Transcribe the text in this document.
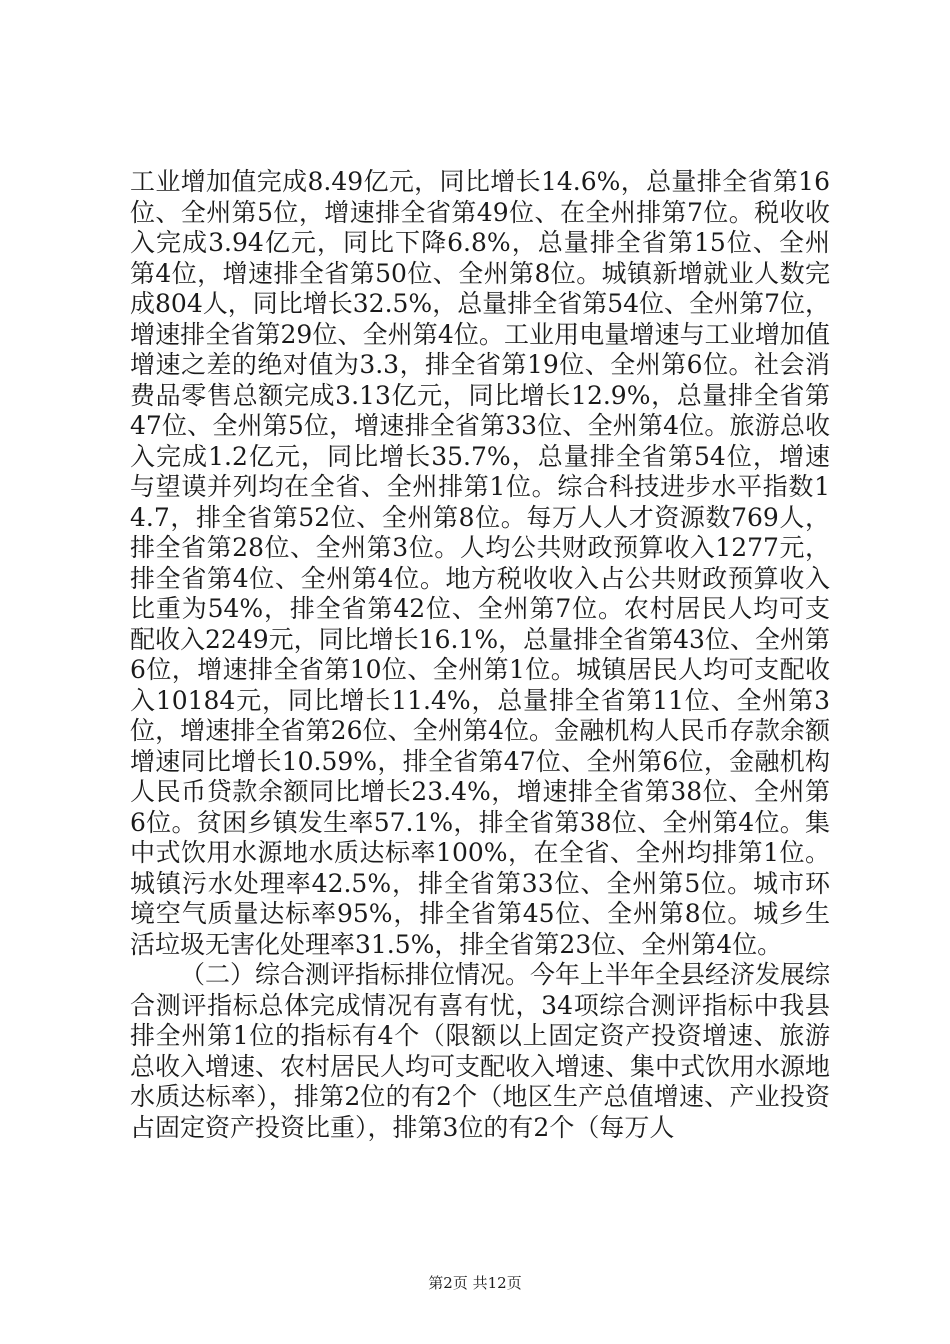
工业增加值完成8.49亿元，同比增长14.6%，总量排全省第16位、全州第5位，增速排全省第49位、在全州排第7位。税收收入完成3.94亿元，同比下降6.8%，总量排全省第15位、全州第4位，增速排全省第50位、全州第8位。城镇新增就业人数完成804人，同比增长32.5%，总量排全省第54位、全州第7位，增速排全省第29位、全州第4位。工业用电量增速与工业增加值增速之差的绝对值为3.3，排全省第19位、全州第6位。社会消费品零售总额完成3.13亿元，同比增长12.9%，总量排全省第47位、全州第5位，增速排全省第33位、全州第4位。旅游总收入完成1.2亿元，同比增长35.7%，总量排全省第54位，增速与望谟并列均在全省、全州排第1位。综合科技进步水平指数14.7，排全省第52位、全州第8位。每万人人才资源数769人，排全省第28位、全州第3位。人均公共财政预算收入1277元，排全省第4位、全州第4位。地方税收收入占公共财政预算收入比重为54%，排全省第42位、全州第7位。农村居民人均可支配收入2249元，同比增长16.1%，总量排全省第43位、全州第6位，增速排全省第10位、全州第1位。城镇居民人均可支配收入10184元，同比增长11.4%，总量排全省第11位、全州第3位，增速排全省第26位、全州第4位。金融机构人民币存款余额增速同比增长10.59%，排全省第47位、全州第6位，金融机构人民币贷款余额同比增长23.4%，增速排全省第38位、全州第6位。贫困乡镇发生率57.1%，排全省第38位、全州第4位。集中式饮用水源地水质达标率100%，在全省、全州均排第1位。城镇污水处理率42.5%，排全省第33位、全州第5位。城市环境空气质量达标率95%，排全省第45位、全州第8位。城乡生活垃圾无害化处理率31.5%，排全省第23位、全州第4位。

（二）综合测评指标排位情况。今年上半年全县经济发展综合测评指标总体完成情况有喜有忧，34项综合测评指标中我县排全州第1位的指标有4个（限额以上固定资产投资增速、旅游总收入增速、农村居民人均可支配收入增速、集中式饮用水源地水质达标率），排第2位的有2个（地区生产总值增速、产业投资占固定资产投资比重），排第3位的有2个（每万人

第2页 共12页
